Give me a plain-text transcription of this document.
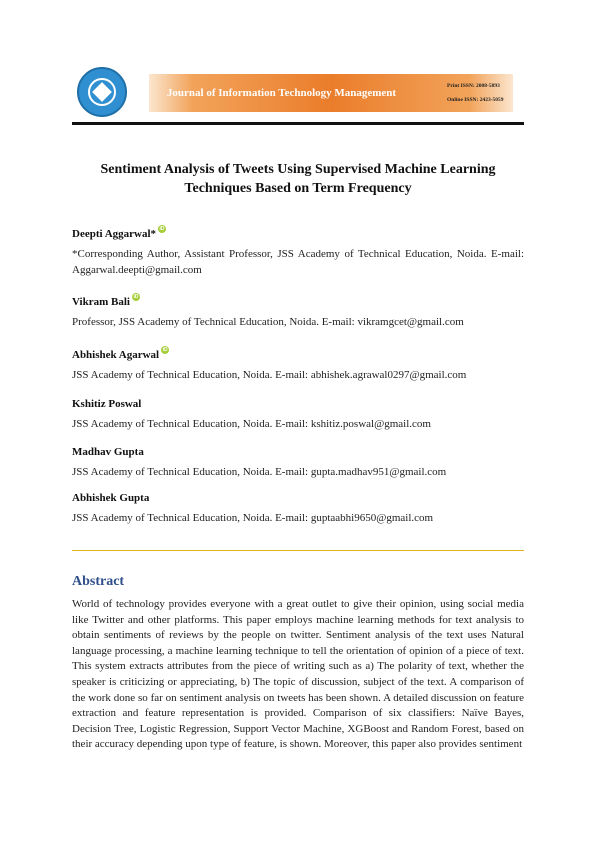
Journal of Information Technology Management
Print ISSN: 2008-5893
Online ISSN: 2423-5059
Sentiment Analysis of Tweets Using Supervised Machine Learning Techniques Based on Term Frequency
Deepti Aggarwal* iD
*Corresponding Author, Assistant Professor, JSS Academy of Technical Education, Noida. E-mail: Aggarwal.deepti@gmail.com
Vikram Bali iD
Professor, JSS Academy of Technical Education, Noida. E-mail: vikramgcet@gmail.com
Abhishek Agarwal iD
JSS Academy of Technical Education, Noida. E-mail: abhishek.agrawal0297@gmail.com
Kshitiz Poswal
JSS Academy of Technical Education, Noida. E-mail: kshitiz.poswal@gmail.com
Madhav Gupta
JSS Academy of Technical Education, Noida. E-mail: gupta.madhav951@gmail.com
Abhishek Gupta
JSS Academy of Technical Education, Noida. E-mail: guptaabhi9650@gmail.com
Abstract
World of technology provides everyone with a great outlet to give their opinion, using social media like Twitter and other platforms. This paper employs machine learning methods for text analysis to obtain sentiments of reviews by the people on twitter. Sentiment analysis of the text uses Natural language processing, a machine learning technique to tell the orientation of opinion of a piece of text. This system extracts attributes from the piece of writing such as a) The polarity of text, whether the speaker is criticizing or appreciating, b) The topic of discussion, subject of the text. A comparison of the work done so far on sentiment analysis on tweets has been shown. A detailed discussion on feature extraction and feature representation is provided. Comparison of six classifiers: Naïve Bayes, Decision Tree, Logistic Regression, Support Vector Machine, XGBoost and Random Forest, based on their accuracy depending upon type of feature, is shown. Moreover, this paper also provides sentiment
